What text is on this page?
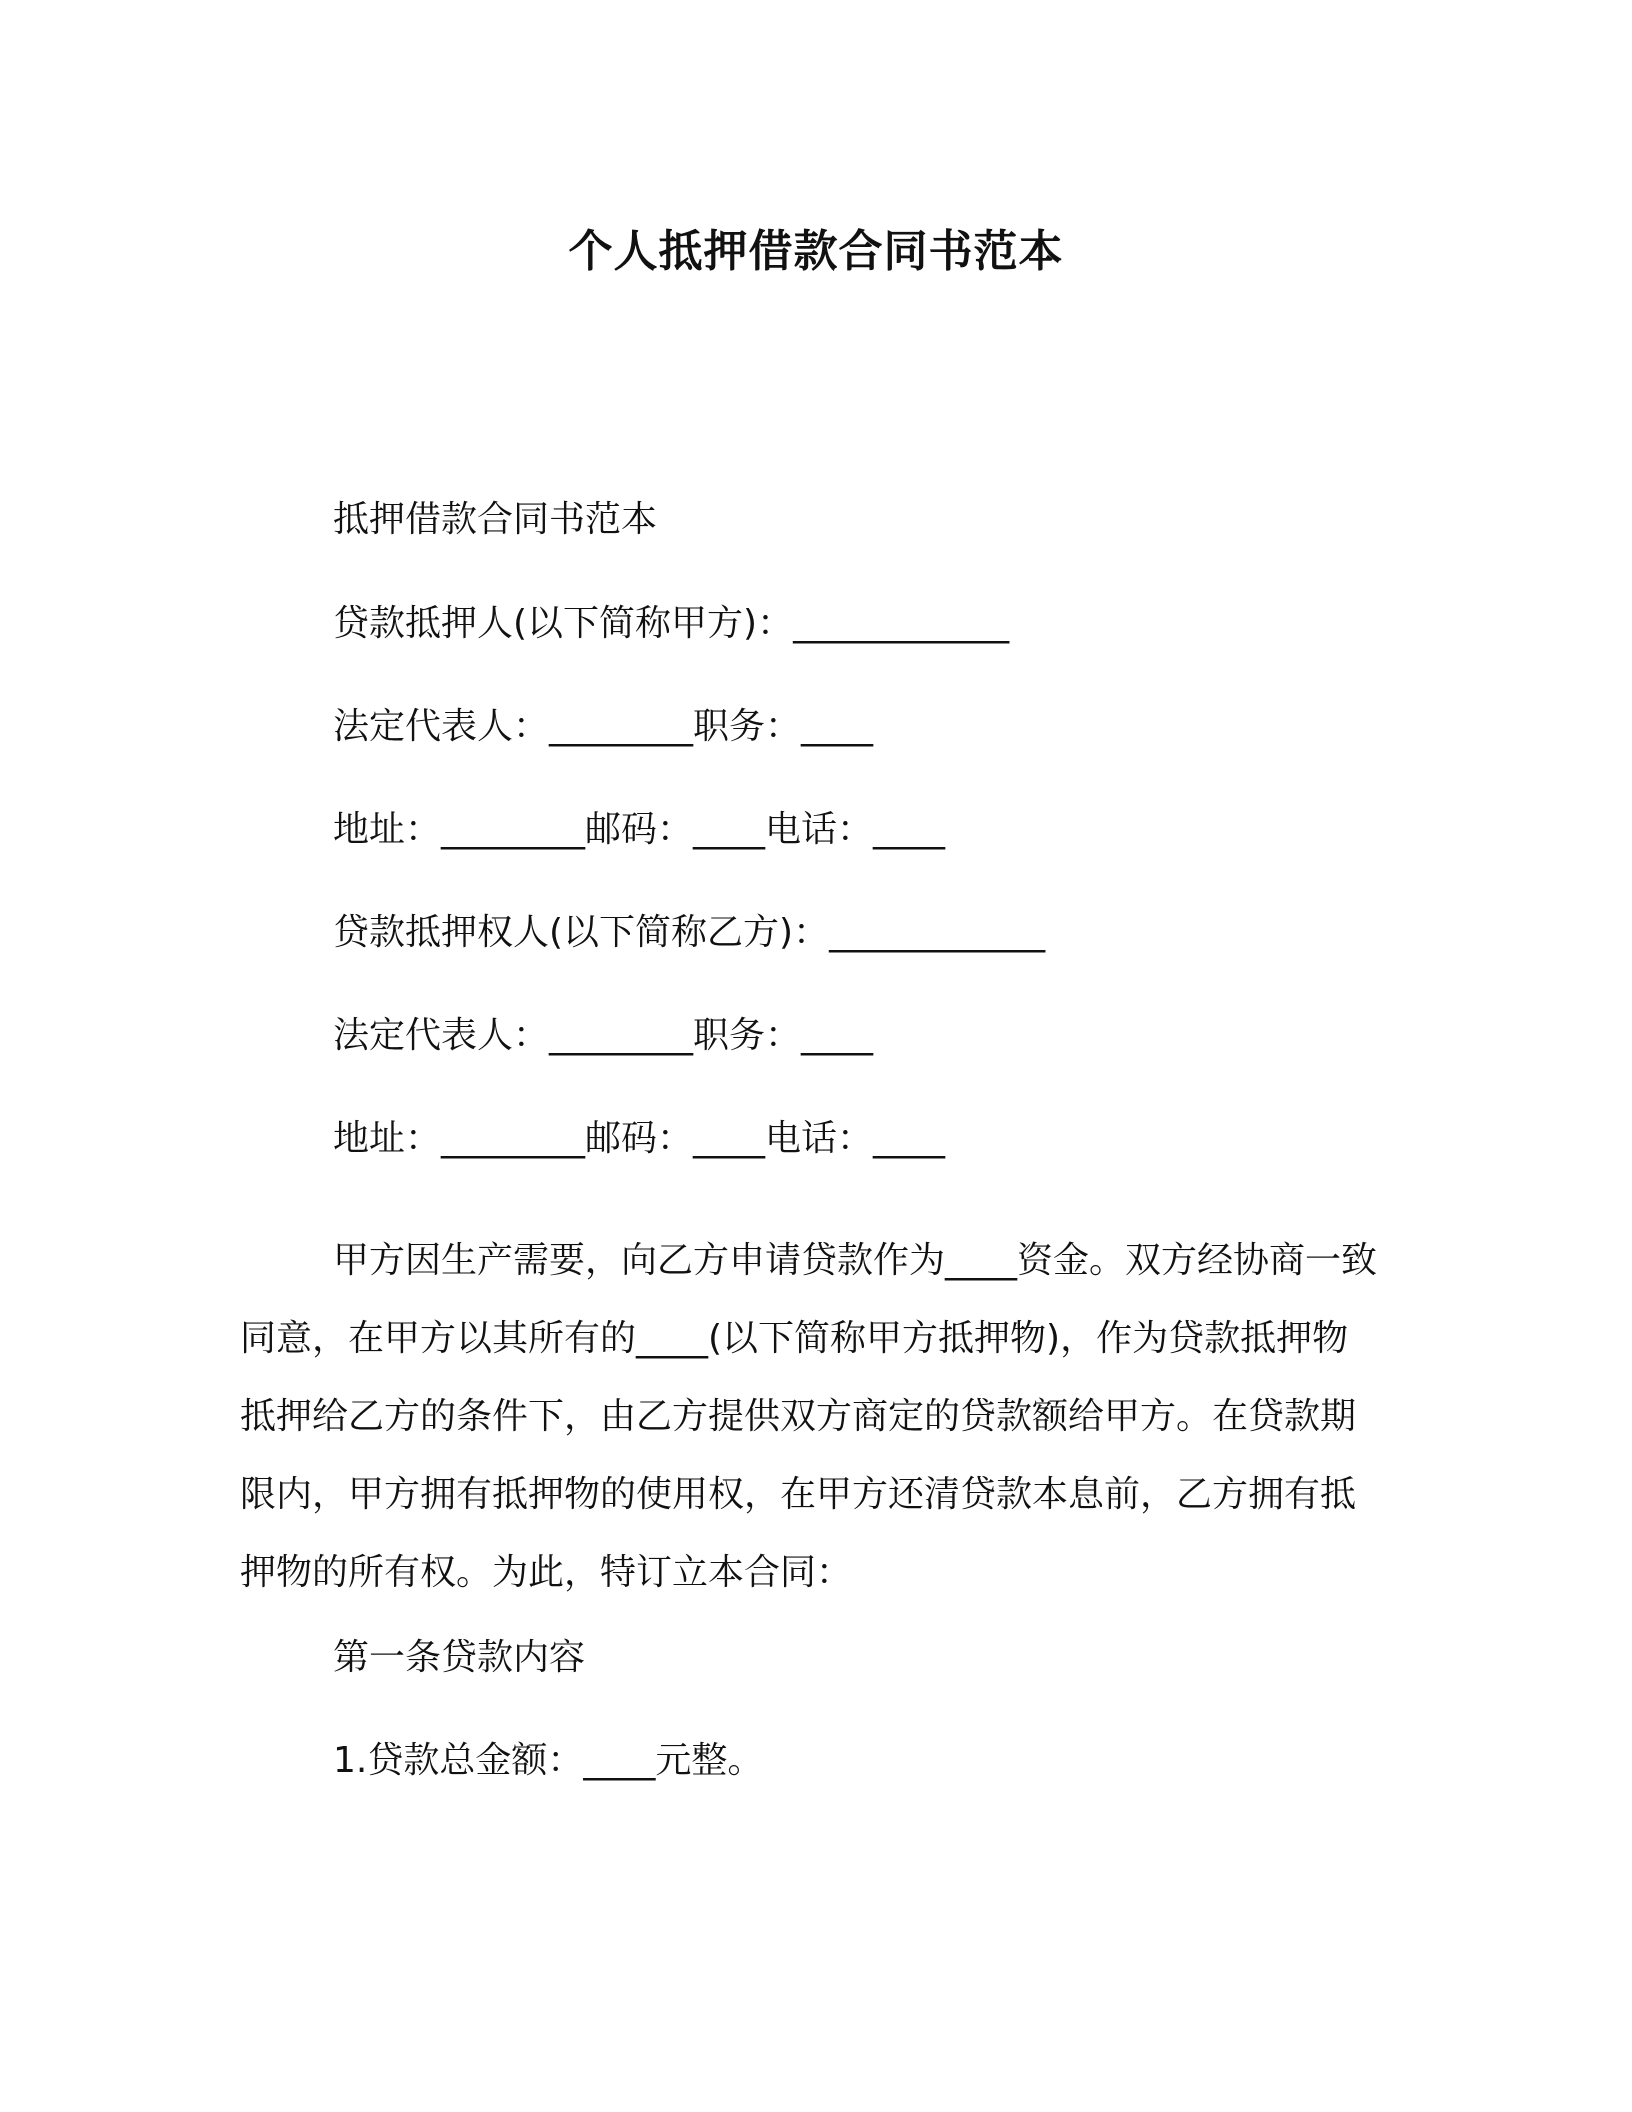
个人抵押借款合同书范本
抵押借款合同书范本
贷款抵押人(以下简称甲方)：____________
法定代表人：________职务：____
地址：________邮码：____电话：____
贷款抵押权人(以下简称乙方)：____________
法定代表人：________职务：____
地址：________邮码：____电话：____

甲方因生产需要，向乙方申请贷款作为____资金。双方经协商一致同意，在甲方以其所有的____(以下简称甲方抵押物)，作为贷款抵押物抵押给乙方的条件下，由乙方提供双方商定的贷款额给甲方。在贷款期限内，甲方拥有抵押物的使用权，在甲方还清贷款本息前，乙方拥有抵押物的所有权。为此，特订立本合同：

第一条贷款内容
1.贷款总金额：____元整。
